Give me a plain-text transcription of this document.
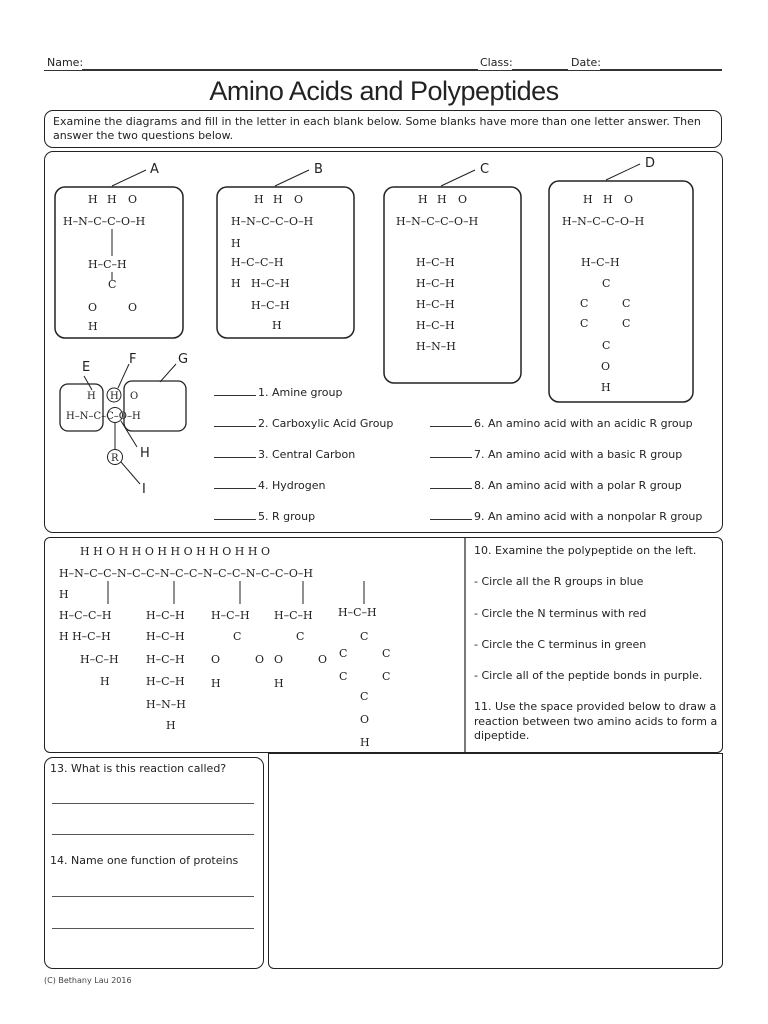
Name:	Class:	Date:
Amino Acids and Polypeptides
Examine the diagrams and fill in the letter in each blank below. Some blanks have more than one letter answer. Then answer the two questions below.
H H O
H–N–C–C–O–H
H–C–H
C
O	O
H
A
H H O
H–N–C–C–O–H
H
H–C–C–H
H H–C–H
H–C–H
H
B
H H O
H–N–C–C–O–H
H–C–H
H–C–H
H–C–H
H–C–H
H–N–H
C
H H O
H–N–C–C–O–H
H–C–H
C
C	C
C	C
C
O
H
D
H H O
H–N–C–C–O–H
R
E
F	G
H
I
H H O H H O H H O H H O H H O
H–N–C–C–N–C–C–N–C–C–N–C–C–N–C–C–O–H
H
H–C–C–H
H H–C–H
H–C–H
H
H–C–H
H–C–H
H–C–H
H–C–H
H–N–H
H
H–C–H
C
O	O
H
H–C–H
C
O	O
H
H–C–H
C
C	C
C	C
C
O
H
1. Amine group
2. Carboxylic Acid Group
3. Central Carbon
4. Hydrogen
5. R group
6. An amino acid with an acidic R group
7. An amino acid with a basic R group
8. An amino acid with a polar R group
9. An amino acid with a nonpolar R group
10. Examine the polypeptide on the left.
- Circle all the R groups in blue
- Circle the N terminus with red
- Circle the C terminus in green
- Circle all of the peptide bonds in purple.
11. Use the space provided below to draw a reaction between two amino acids to form a dipeptide.
13. What is this reaction called?
14. Name one function of proteins
(C) Bethany Lau 2016
